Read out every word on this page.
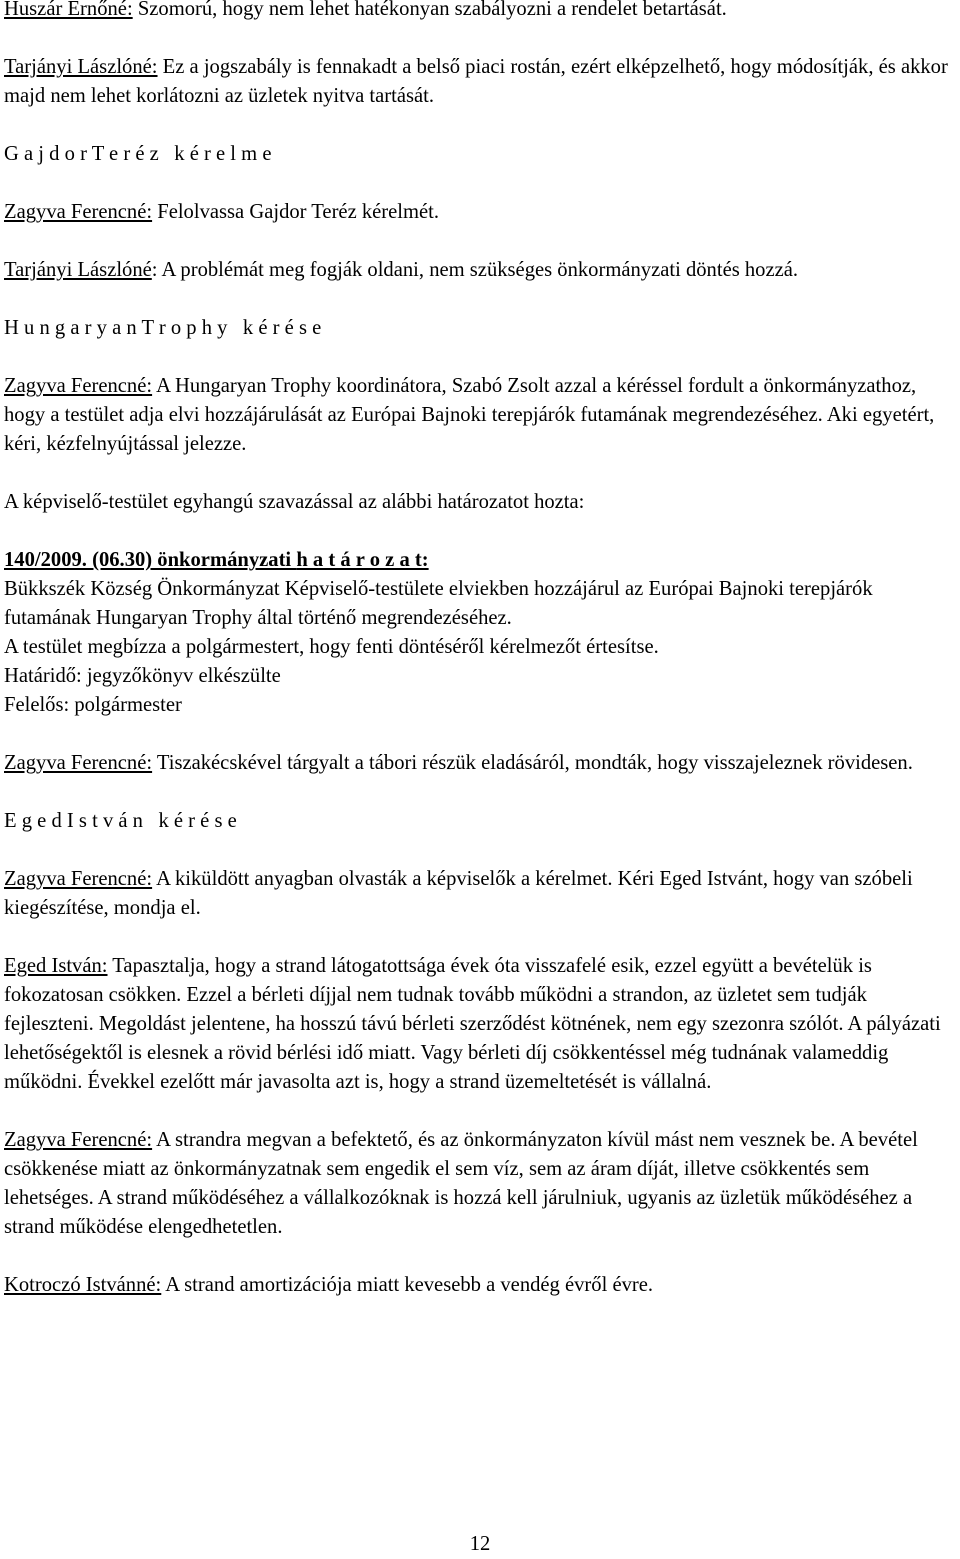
Huszár Ernőné: Szomorú, hogy nem lehet hatékonyan szabályozni a rendelet betartását.

Tarjányi Lászlóné: Ez a jogszabály is fennakadt a belső piaci rostán, ezért elképzelhető, hogy módosítják, és akkor majd nem lehet korlátozni az üzletek nyitva tartását.

G a j d o r T e r é z k é r e l m e

Zagyva Ferencné: Felolvassa Gajdor Teréz kérelmét.

Tarjányi Lászlóné: A problémát meg fogják oldani, nem szükséges önkormányzati döntés hozzá.

H u n g a r y a n T r o p h y k é r é s e

Zagyva Ferencné: A Hungaryan Trophy koordinátora, Szabó Zsolt azzal a kéréssel fordult a önkormányzathoz, hogy a testület adja elvi hozzájárulását az Európai Bajnoki terepjárók futamának megrendezéséhez. Aki egyetért, kéri, kézfelnyújtással jelezze.

A képviselő-testület egyhangú szavazással az alábbi határozatot hozta:

140/2009. (06.30) önkormányzati h a t á r o z a t:

Bükkszék Község Önkormányzat Képviselő-testülete elviekben hozzájárul az Európai Bajnoki terepjárók futamának Hungaryan Trophy által történő megrendezéséhez.

A testület megbízza a polgármestert, hogy fenti döntéséről kérelmezőt értesítse.

Határidő: jegyzőkönyv elkészülte

Felelős: polgármester

Zagyva Ferencné: Tiszakécskével tárgyalt a tábori részük eladásáról, mondták, hogy visszajeleznek rövidesen.

E g e d I s t v á n k é r é s e

Zagyva Ferencné: A kiküldött anyagban olvasták a képviselők a kérelmet. Kéri Eged Istvánt, hogy van szóbeli kiegészítése, mondja el.

Eged István: Tapasztalja, hogy a strand látogatottsága évek óta visszafelé esik, ezzel együtt a bevételük is fokozatosan csökken. Ezzel a bérleti díjjal nem tudnak tovább működni a strandon, az üzletet sem tudják fejleszteni. Megoldást jelentene, ha hosszú távú bérleti szerződést kötnének, nem egy szezonra szólót. A pályázati lehetőségektől is elesnek a rövid bérlési idő miatt. Vagy bérleti díj csökkentéssel még tudnának valameddig működni. Évekkel ezelőtt már javasolta azt is, hogy a strand üzemeltetését is vállalná.

Zagyva Ferencné: A strandra megvan a befektető, és az önkormányzaton kívül mást nem vesznek be. A bevétel csökkenése miatt az önkormányzatnak sem engedik el sem víz, sem az áram díját, illetve csökkentés sem lehetséges. A strand működéséhez a vállalkozóknak is hozzá kell járulniuk, ugyanis az üzletük működéséhez a strand működése elengedhetetlen.

Kotroczó Istvánné: A strand amortizációja miatt kevesebb a vendég évről évre.

12
